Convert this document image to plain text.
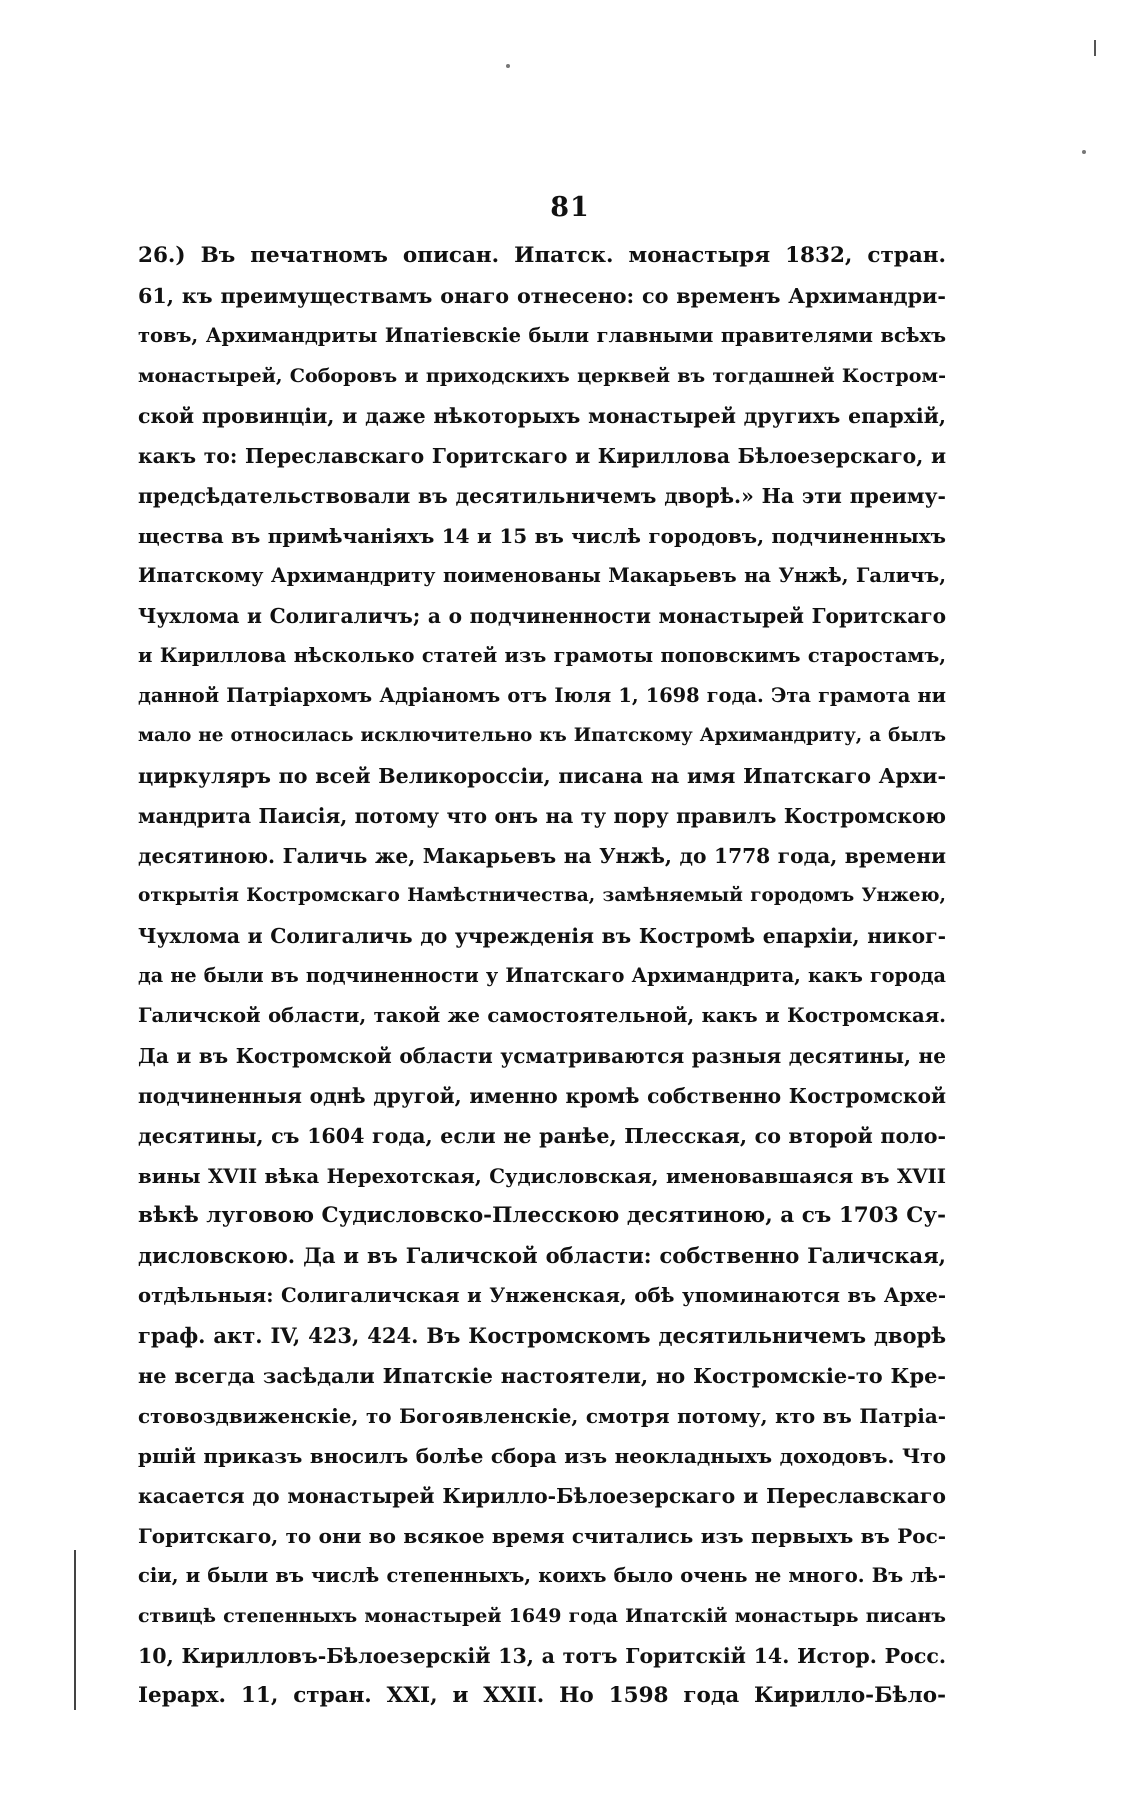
81
26.) Въ печатномъ описан. Ипатск. монастыря 1832, стран.
61, къ преимуществамъ онаго отнесено: со временъ Архимандри-
товъ, Архимандриты Ипатіевскіе были главными правителями всѣхъ
монастырей, Соборовъ и приходскихъ церквей въ тогдашней Костром-
ской провинціи, и даже нѣкоторыхъ монастырей другихъ епархій,
какъ то: Переславскаго Горитскаго и Кириллова Бѣлоезерскаго, и
предсѣдательствовали въ десятильничемъ дворѣ.» На эти преиму-
щества въ примѣчаніяхъ 14 и 15 въ числѣ городовъ, подчиненныхъ
Ипатскому Архимандриту поименованы Макарьевъ на Унжѣ, Галичъ,
Чухлома и Солигаличъ; а о подчиненности монастырей Горитскаго
и Кириллова нѣсколько статей изъ грамоты поповскимъ старостамъ,
данной Патріархомъ Адріаномъ отъ Іюля 1, 1698 года. Эта грамота ни
мало не относилась исключительно къ Ипатскому Архимандриту, а былъ
циркуляръ по всей Великороссіи, писана на имя Ипатскаго Архи-
мандрита Паисія, потому что онъ на ту пору правилъ Костромскою
десятиною. Галичь же, Макарьевъ на Унжѣ, до 1778 года, времени
открытія Костромскаго Намѣстничества, замѣняемый городомъ Унжею,
Чухлома и Солигаличь до учрежденія въ Костромѣ епархіи, никог-
да не были въ подчиненности у Ипатскаго Архимандрита, какъ города
Галичской области, такой же самостоятельной, какъ и Костромская.
Да и въ Костромской области усматриваются разныя десятины, не
подчиненныя однѣ другой, именно кромѣ собственно Костромской
десятины, съ 1604 года, если не ранѣе, Плесская, со второй поло-
вины XVII вѣка Нерехотская, Судисловская, именовавшаяся въ XVII
вѣкѣ луговою Судисловско-Плесскою десятиною, а съ 1703 Су-
дисловскою. Да и въ Галичской области: собственно Галичская,
отдѣльныя: Солигаличская и Унженская, обѣ упоминаются въ Архе-
граф. акт. IV, 423, 424. Въ Костромскомъ десятильничемъ дворѣ
не всегда засѣдали Ипатскіе настоятели, но Костромскіе-то Кре-
стовоздвиженскіе, то Богоявленскіе, смотря потому, кто въ Патріа-
ршій приказъ вносилъ болѣе сбора изъ неокладныхъ доходовъ. Что
касается до монастырей Кирилло-Бѣлоезерскаго и Переславскаго
Горитскаго, то они во всякое время считались изъ первыхъ въ Рос-
сіи, и были въ числѣ степенныхъ, коихъ было очень не много. Въ лѣ-
ствицѣ степенныхъ монастырей 1649 года Ипатскій монастырь писанъ
10, Кирилловъ-Бѣлоезерскій 13, а тотъ Горитскій 14. Истор. Росс.
Іерарх. 11, стран. XXI, и XXII. Но 1598 года Кирилло-Бѣло-
